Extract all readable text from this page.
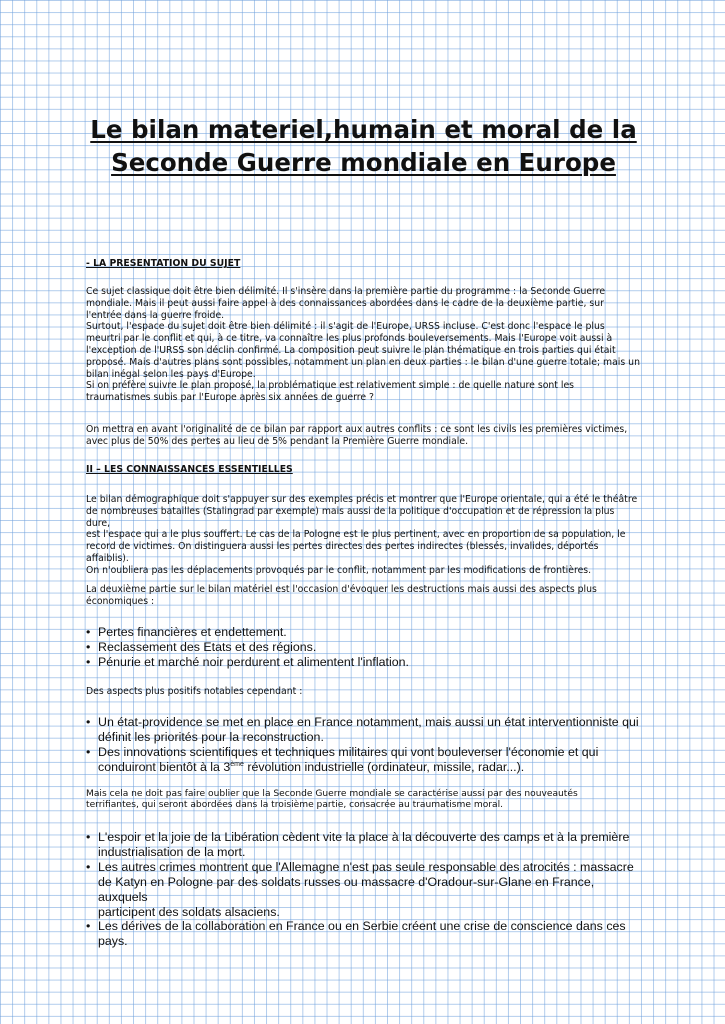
Le bilan materiel,humain et moral de la
Seconde Guerre mondiale en Europe

- LA PRESENTATION DU SUJET

Ce sujet classique doit être bien délimité. Il s'insère dans la première partie du programme : la Seconde Guerre

mondiale. Mais il peut aussi faire appel à des connaissances abordées dans le cadre de la deuxième partie, sur

l'entrée dans la guerre froide.

Surtout, l'espace du sujet doit être bien délimité : il s'agit de l'Europe, URSS incluse. C'est donc l'espace le plus

meurtri par le conflit et qui, à ce titre, va connaître les plus profonds bouleversements. Mais l'Europe voit aussi à

l'exception de l'URSS son déclin confirmé. La composition peut suivre le plan thématique en trois parties qui était

proposé. Mais d'autres plans sont possibles, notamment un plan en deux parties : le bilan d'une guerre totale; mais un

bilan inégal selon les pays d'Europe.

Si on préfère suivre le plan proposé, la problématique est relativement simple : de quelle nature sont les

traumatismes subis par l'Europe après six années de guerre ?

On mettra en avant l'originalité de ce bilan par rapport aux autres conflits : ce sont les civils les premières victimes,

avec plus de 50% des pertes au lieu de 5% pendant la Première Guerre mondiale.

II – LES CONNAISSANCES ESSENTIELLES

Le bilan démographique doit s'appuyer sur des exemples précis et montrer que l'Europe orientale, qui a été le théâtre

de nombreuses batailles (Stalingrad par exemple) mais aussi de la politique d'occupation et de répression la plus dure,

est l'espace qui a le plus souffert. Le cas de la Pologne est le plus pertinent, avec en proportion de sa population, le

record de victimes. On distinguera aussi les pertes directes des pertes indirectes (blessés, invalides, déportés

affaiblis).

On n'oubliera pas les déplacements provoqués par le conflit, notamment par les modifications de frontières.

La deuxième partie sur le bilan matériel est l'occasion d'évoquer les destructions mais aussi des aspects plus

économiques :

• Pertes financières et endettement.
• Reclassement des Etats et des régions.
• Pénurie et marché noir perdurent et alimentent l'inflation.

Des aspects plus positifs notables cependant :

• Un état-providence se met en place en France notamment, mais aussi un état interventionniste qui
définit les priorités pour la reconstruction.
• Des innovations scientifiques et techniques militaires qui vont bouleverser l'économie et qui
conduiront bientôt à la 3ème révolution industrielle (ordinateur, missile, radar...).

Mais cela ne doit pas faire oublier que la Seconde Guerre mondiale se caractérise aussi par des nouveautés

terrifiantes, qui seront abordées dans la troisième partie, consacrée au traumatisme moral.

• L'espoir et la joie de la Libération cèdent vite la place à la découverte des camps et à la première
industrialisation de la mort.
• Les autres crimes montrent que l'Allemagne n'est pas seule responsable des atrocités : massacre
de Katyn en Pologne par des soldats russes ou massacre d'Oradour-sur-Glane en France, auxquels
participent des soldats alsaciens.
• Les dérives de la collaboration en France ou en Serbie créent une crise de conscience dans ces
pays.
